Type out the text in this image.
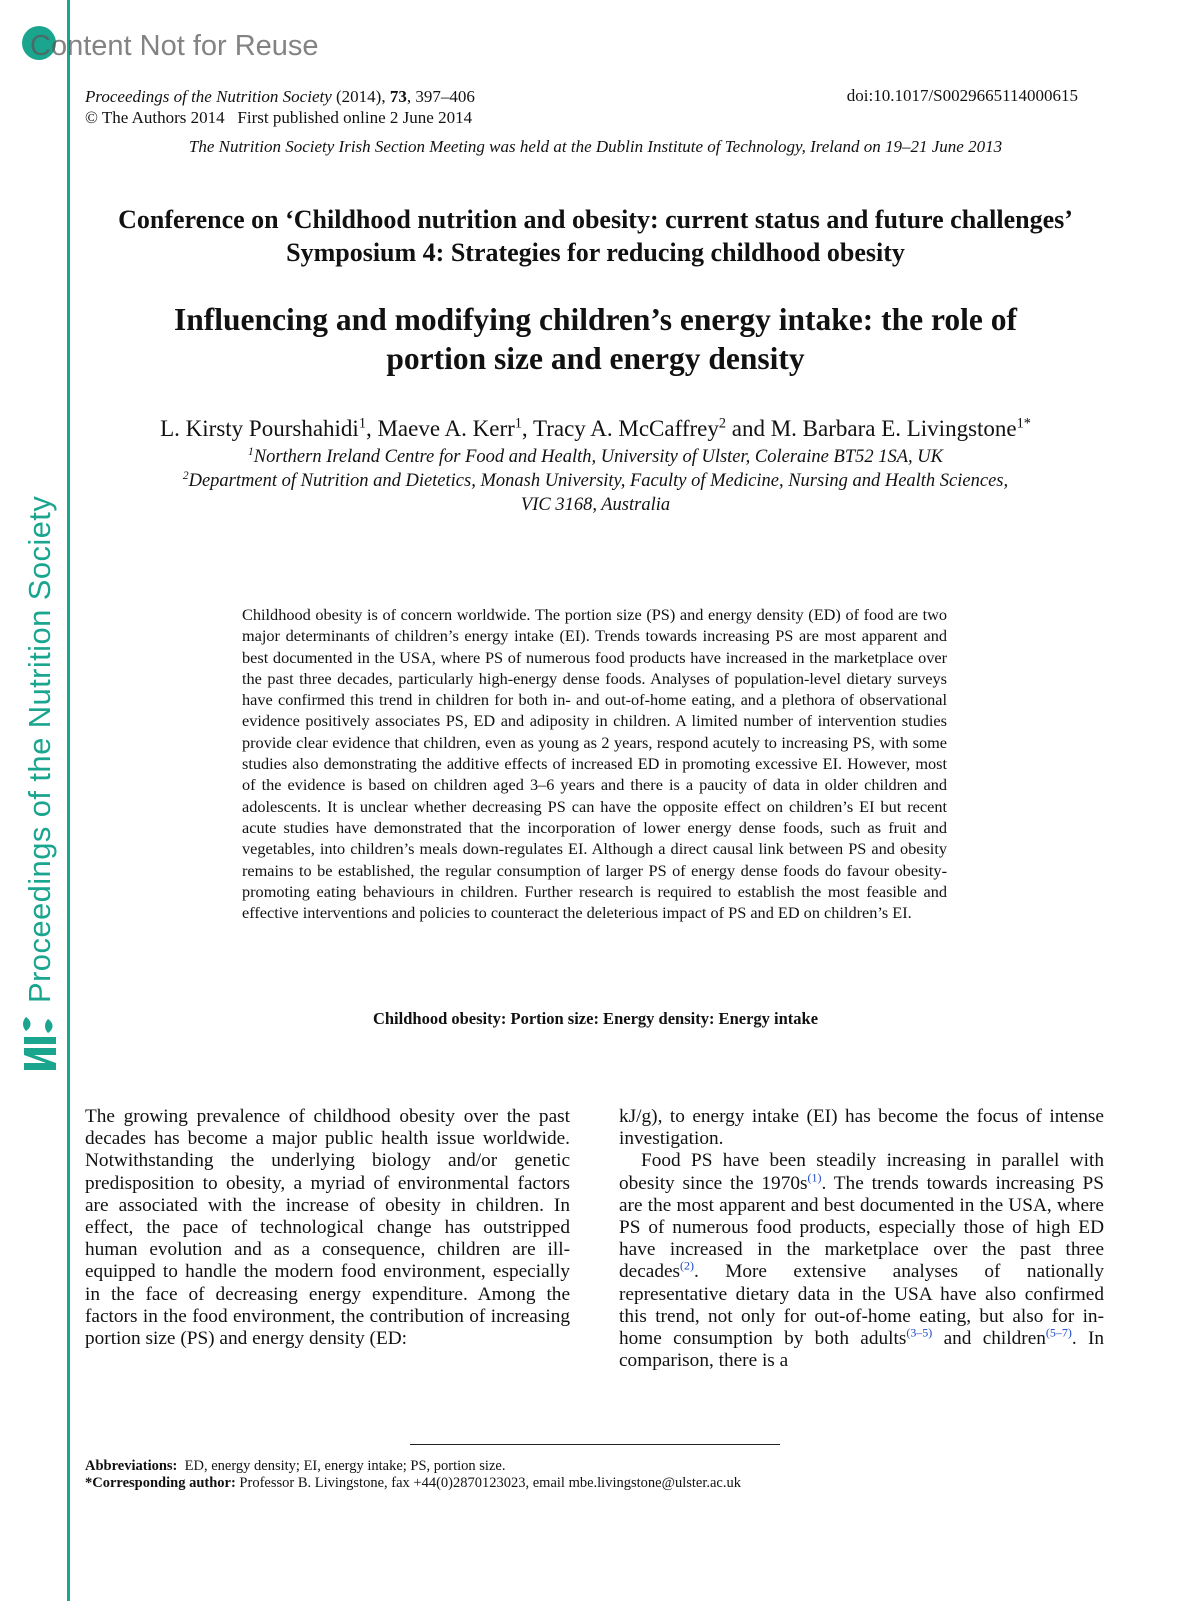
Content Not for Reuse
Proceedings of the Nutrition Society
Proceedings of the Nutrition Society (2014), 73, 397–406
© The Authors 2014 First published online 2 June 2014
doi:10.1017/S0029665114000615
The Nutrition Society Irish Section Meeting was held at the Dublin Institute of Technology, Ireland on 19–21 June 2013
Conference on ‘Childhood nutrition and obesity: current status and future challenges’
Symposium 4: Strategies for reducing childhood obesity
Influencing and modifying children’s energy intake: the role of portion size and energy density
L. Kirsty Pourshahidi$^1$, Maeve A. Kerr$^1$, Tracy A. McCaffrey$^2$ and M. Barbara E. Livingstone$^{1*}$
$^1$Northern Ireland Centre for Food and Health, University of Ulster, Coleraine BT52 1SA, UK
$^2$Department of Nutrition and Dietetics, Monash University, Faculty of Medicine, Nursing and Health Sciences,
VIC 3168, Australia
Childhood obesity is of concern worldwide. The portion size (PS) and energy density (ED) of food are two major determinants of children’s energy intake (EI). Trends towards increasing PS are most apparent and best documented in the USA, where PS of numerous food products have increased in the marketplace over the past three decades, particularly high-energy dense foods. Analyses of population-level dietary surveys have confirmed this trend in children for both in- and out-of-home eating, and a plethora of observational evidence positively associates PS, ED and adiposity in children. A limited number of intervention studies provide clear evidence that children, even as young as 2 years, respond acutely to increasing PS, with some studies also demonstrating the additive effects of increased ED in promoting excessive EI. However, most of the evidence is based on children aged 3–6 years and there is a paucity of data in older children and adolescents. It is unclear whether decreasing PS can have the opposite effect on children’s EI but recent acute studies have demonstrated that the incorporation of lower energy dense foods, such as fruit and vegetables, into children’s meals down-regulates EI. Although a direct causal link between PS and obesity remains to be established, the regular consumption of larger PS of energy dense foods do favour obesity-promoting eating behaviours in children. Further research is required to establish the most feasible and effective interventions and policies to counteract the deleterious impact of PS and ED on children’s EI.
Childhood obesity: Portion size: Energy density: Energy intake

The growing prevalence of childhood obesity over the past decades has become a major public health issue worldwide. Notwithstanding the underlying biology and/or genetic predisposition to obesity, a myriad of environmental factors are associated with the increase of obesity in children. In effect, the pace of technological change has outstripped human evolution and as a consequence, children are ill-equipped to handle the modern food environment, especially in the face of decreasing energy expenditure. Among the factors in the food environment, the contribution of increasing portion size (PS) and energy density (ED:

kJ/g), to energy intake (EI) has become the focus of intense investigation.

Food PS have been steadily increasing in parallel with obesity since the 1970s$^{(1)}$. The trends towards increasing PS are the most apparent and best documented in the USA, where PS of numerous food products, especially those of high ED have increased in the marketplace over the past three decades$^{(2)}$. More extensive analyses of nationally representative dietary data in the USA have also confirmed this trend, not only for out-of-home eating, but also for in-home consumption by both adults$^{(3-5)}$ and children$^{(5-7)}$. In comparison, there is a

Abbreviations: ED, energy density; EI, energy intake; PS, portion size.
*Corresponding author: Professor B. Livingstone, fax +44(0)2870123023, email mbe.livingstone@ulster.ac.uk
